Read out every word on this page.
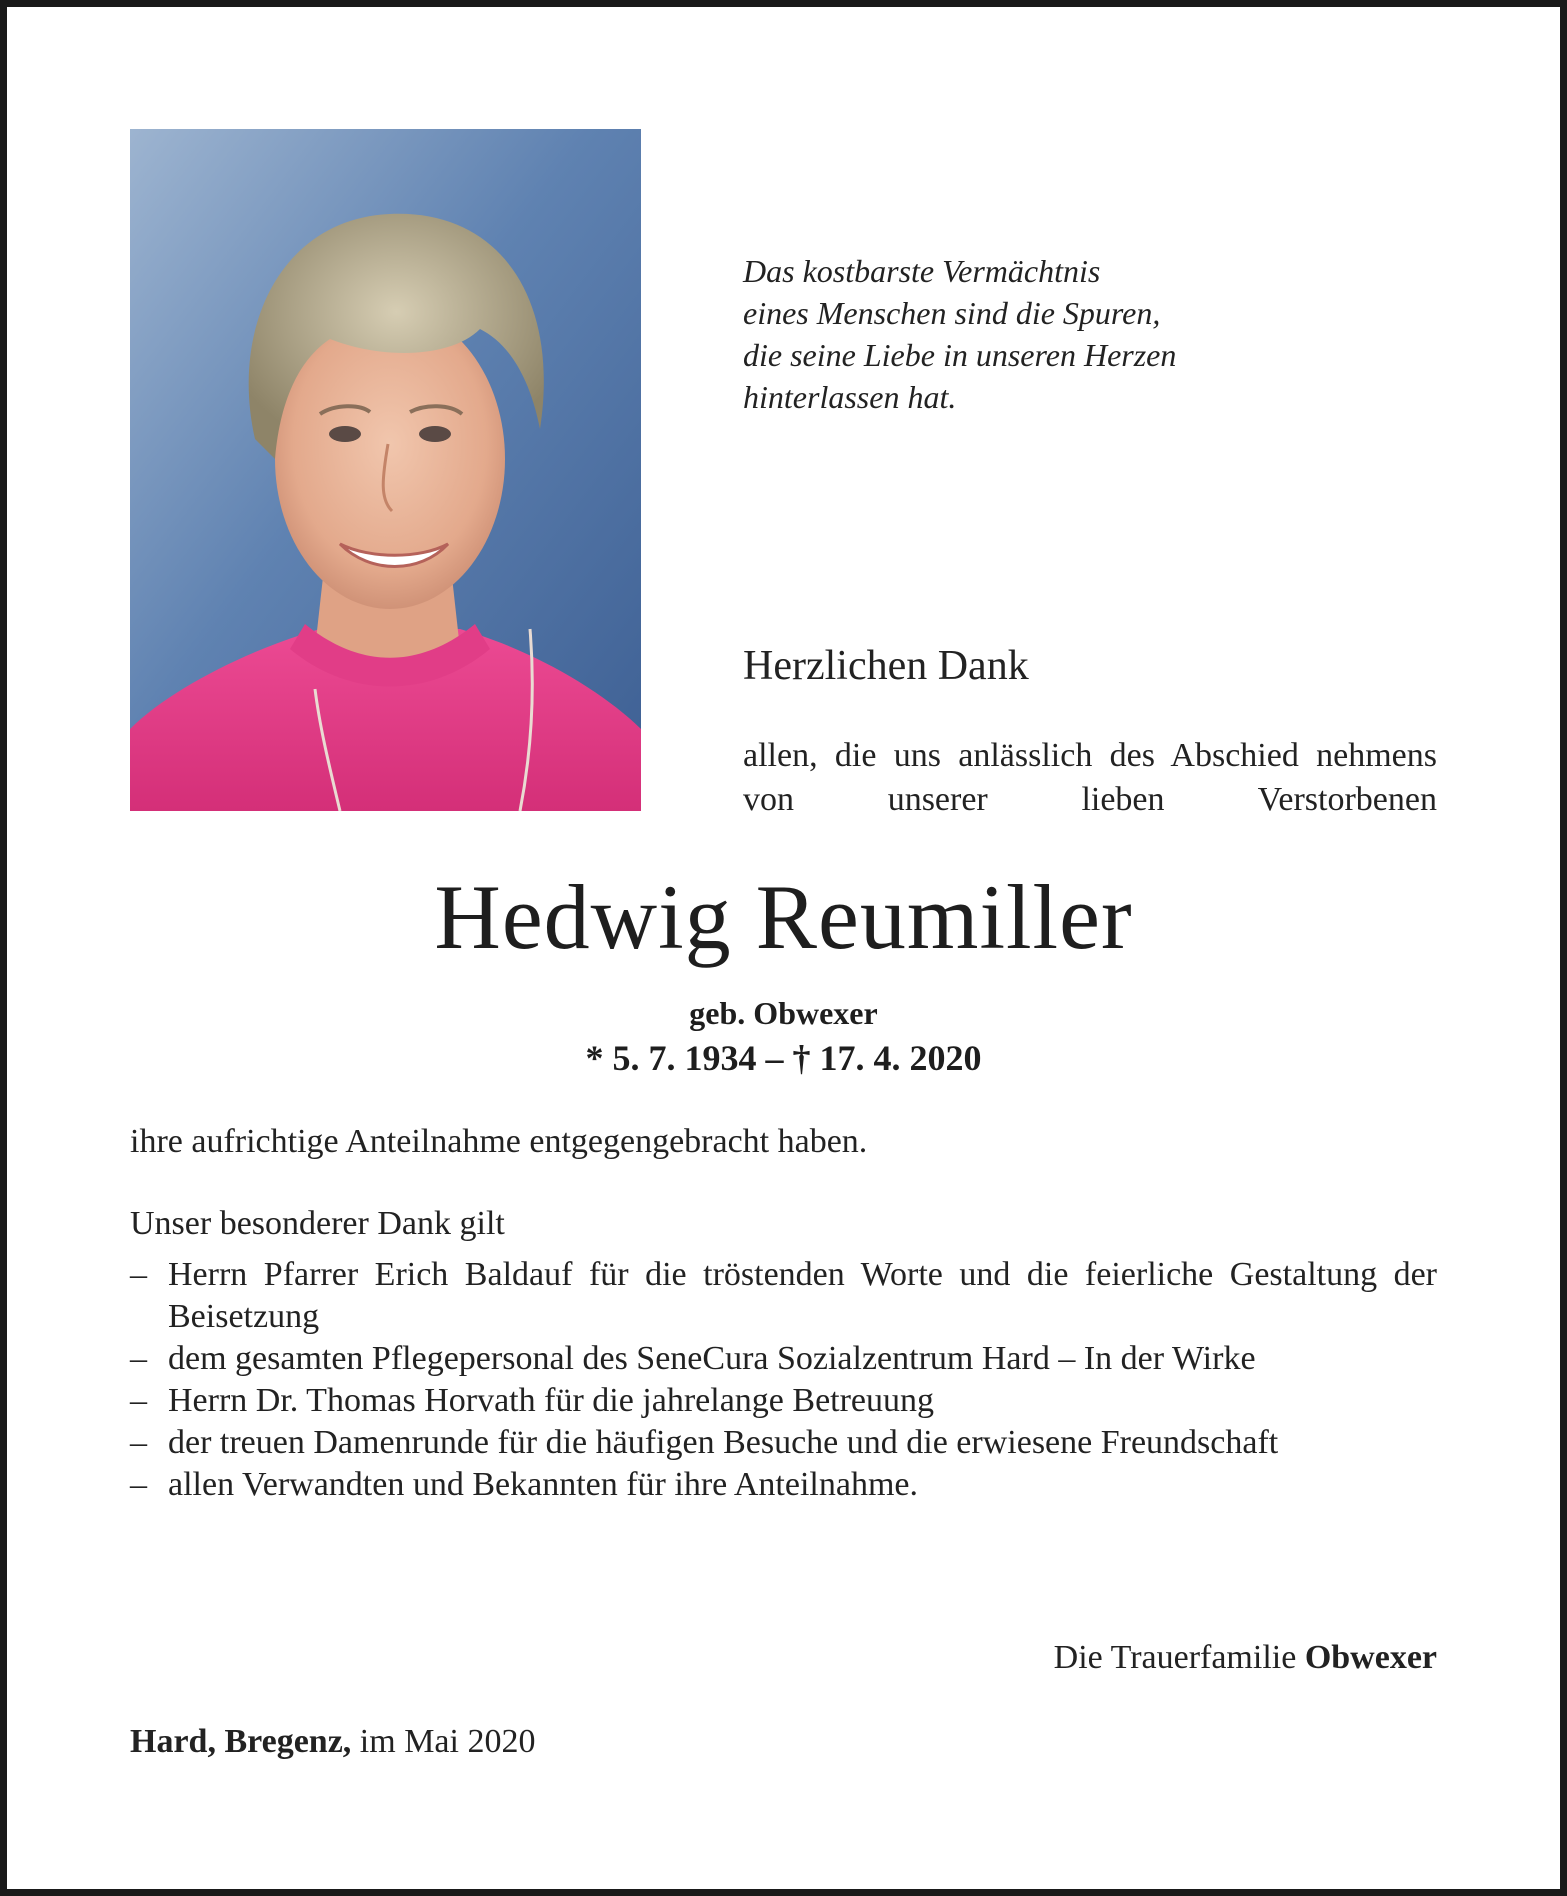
Das kostbarste Vermächtnis
eines Menschen sind die Spuren,
die seine Liebe in unseren Herzen
hinterlassen hat.
Herzlichen Dank
allen, die uns anlässlich des Abschied nehmens von unserer lieben Verstorbenen
Hedwig Reumiller
geb. Obwexer
* 5. 7. 1934 – † 17. 4. 2020
ihre aufrichtige Anteilnahme entgegengebracht haben.
Unser besonderer Dank gilt
– Herrn Pfarrer Erich Baldauf für die tröstenden Worte und die feierliche Gestaltung der Beisetzung
– dem gesamten Pflegepersonal des SeneCura Sozialzentrum Hard – In der Wirke
– Herrn Dr. Thomas Horvath für die jahrelange Betreuung
– der treuen Damenrunde für die häufigen Besuche und die erwiesene Freundschaft
– allen Verwandten und Bekannten für ihre Anteilnahme.
Die Trauerfamilie Obwexer
Hard, Bregenz, im Mai 2020
